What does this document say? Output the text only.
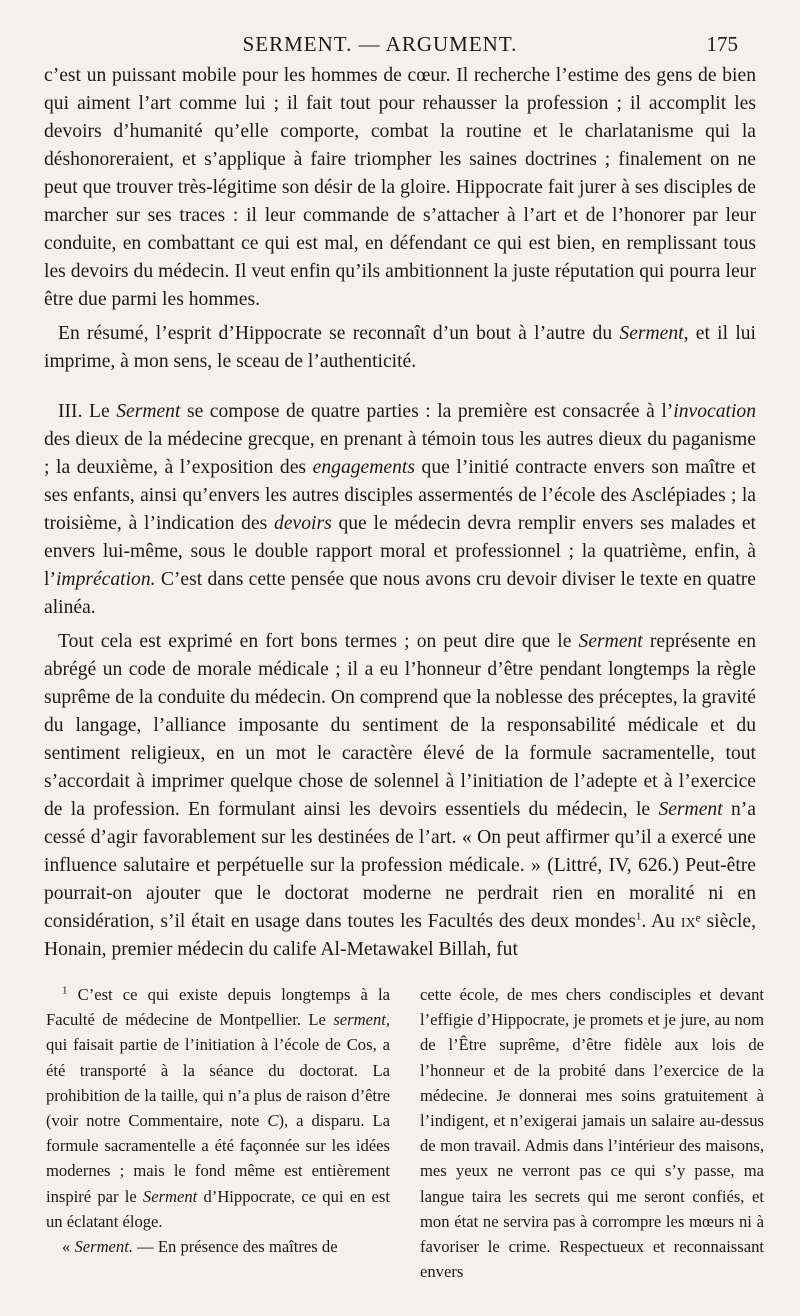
SERMENT. — ARGUMENT.	175

c’est un puissant mobile pour les hommes de cœur. Il recherche l’estime des gens de bien qui aiment l’art comme lui ; il fait tout pour rehausser la profession ; il accomplit les devoirs d’humanité qu’elle comporte, combat la routine et le charlatanisme qui la déshonoreraient, et s’applique à faire triompher les saines doctrines ; finalement on ne peut que trouver très-légitime son désir de la gloire. Hippocrate fait jurer à ses disciples de marcher sur ses traces : il leur commande de s’attacher à l’art et de l’honorer par leur conduite, en combattant ce qui est mal, en défendant ce qui est bien, en remplissant tous les devoirs du médecin. Il veut enfin qu’ils ambitionnent la juste réputation qui pourra leur être due parmi les hommes.

En résumé, l’esprit d’Hippocrate se reconnaît d’un bout à l’autre du Serment, et il lui imprime, à mon sens, le sceau de l’authenticité.

III. Le Serment se compose de quatre parties : la première est consacrée à l’invocation des dieux de la médecine grecque, en prenant à témoin tous les autres dieux du paganisme ; la deuxième, à l’exposition des engagements que l’initié contracte envers son maître et ses enfants, ainsi qu’envers les autres disciples assermentés de l’école des Asclépiades ; la troisième, à l’indication des devoirs que le médecin devra remplir envers ses malades et envers lui-même, sous le double rapport moral et professionnel ; la quatrième, enfin, à l’imprécation. C’est dans cette pensée que nous avons cru devoir diviser le texte en quatre alinéa.

Tout cela est exprimé en fort bons termes ; on peut dire que le Serment représente en abrégé un code de morale médicale ; il a eu l’honneur d’être pendant longtemps la règle suprême de la conduite du médecin. On comprend que la noblesse des préceptes, la gravité du langage, l’alliance imposante du sentiment de la responsabilité médicale et du sentiment religieux, en un mot le caractère élevé de la formule sacramentelle, tout s’accordait à imprimer quelque chose de solennel à l’initiation de l’adepte et à l’exercice de la profession. En formulant ainsi les devoirs essentiels du médecin, le Serment n’a cessé d’agir favorablement sur les destinées de l’art. « On peut affirmer qu’il a exercé une influence salutaire et perpétuelle sur la profession médicale. » (Littré, IV, 626.) Peut-être pourrait-on ajouter que le doctorat moderne ne perdrait rien en moralité ni en considération, s’il était en usage dans toutes les Facultés des deux mondes$^1$. Au ixᵉ siècle, Honain, premier médecin du calife Al-Metawakel Billah, fut

$^1$ C’est ce qui existe depuis longtemps à la Faculté de médecine de Montpellier. Le serment, qui faisait partie de l’initiation à l’école de Cos, a été transporté à la séance du doctorat. La prohibition de la taille, qui n’a plus de raison d’être (voir notre Commentaire, note C), a disparu. La formule sacramentelle a été façonnée sur les idées modernes ; mais le fond même est entièrement inspiré par le Serment d’Hippocrate, ce qui en est un éclatant éloge.

« Serment. — En présence des maîtres de

cette école, de mes chers condisciples et devant l’effigie d’Hippocrate, je promets et je jure, au nom de l’Être suprême, d’être fidèle aux lois de l’honneur et de la probité dans l’exercice de la médecine. Je donnerai mes soins gratuitement à l’indigent, et n’exigerai jamais un salaire au-dessus de mon travail. Admis dans l’intérieur des maisons, mes yeux ne verront pas ce qui s’y passe, ma langue taira les secrets qui me seront confiés, et mon état ne servira pas à corrompre les mœurs ni à favoriser le crime. Respectueux et reconnaissant envers
